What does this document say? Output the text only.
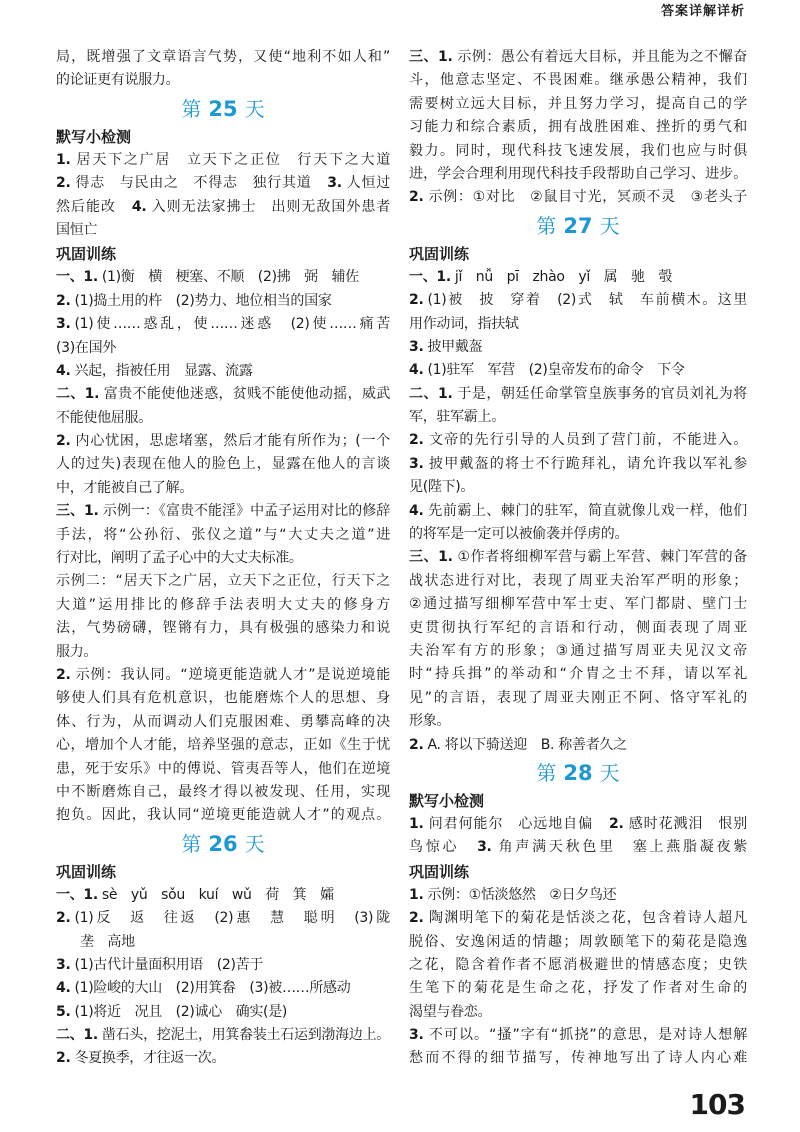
答案详解详析
局，既增强了文章语言气势，又使“地利不如人和”
的论证更有说服力。
第 25 天
默写小检测
1. 居天下之广居　立天下之正位　行天下之大道
2. 得志　与民由之　不得志　独行其道　3. 人恒过
然后能改　4. 入则无法家拂士　出则无敌国外患者
国恒亡
巩固训练
一、1. (1)衡　横　梗塞、不顺　(2)拂　弼　辅佐
2. (1)捣土用的杵　(2)势力、地位相当的国家
3. (1)使……惑乱，使……迷惑　(2)使……痛苦
(3)在国外
4. 兴起，指被任用　显露、流露
二、1. 富贵不能使他迷惑，贫贱不能使他动摇，威武
不能使他屈服。
2. 内心忧困，思虑堵塞，然后才能有所作为；(一个
人的过失)表现在他人的脸色上，显露在他人的言谈
中，才能被自己了解。
三、1. 示例一：《富贵不能淫》中孟子运用对比的修辞
手法，将“公孙衍、张仪之道”与“大丈夫之道”进
行对比，阐明了孟子心中的大丈夫标准。
示例二：“居天下之广居，立天下之正位，行天下之
大道”运用排比的修辞手法表明大丈夫的修身方
法，气势磅礴，铿锵有力，具有极强的感染力和说
服力。
2. 示例：我认同。“逆境更能造就人才”是说逆境能
够使人们具有危机意识，也能磨炼个人的思想、身
体、行为，从而调动人们克服困难、勇攀高峰的决
心，增加个人才能，培养坚强的意志，正如《生于忧
患，死于安乐》中的傅说、管夷吾等人，他们在逆境
中不断磨炼自己，最终才得以被发现、任用，实现
抱负。因此，我认同“逆境更能造就人才”的观点。
第 26 天
巩固训练
一、1. sè　yǔ　sǒu　kuí　wǔ　荷　箕　孀
2. (1)反　返　往返　(2)惠　慧　聪明　(3)陇
垄　高地
3. (1)古代计量面积用语　(2)苦于
4. (1)险峻的大山　(2)用箕畚　(3)被……所感动
5. (1)将近　况且　(2)诚心　确实(是)
二、1. 凿石头，挖泥土，用箕畚装土石运到渤海边上。
2. 冬夏换季，才往返一次。
三、1. 示例：愚公有着远大目标，并且能为之不懈奋
斗，他意志坚定、不畏困难。继承愚公精神，我们
需要树立远大目标，并且努力学习，提高自己的学
习能力和综合素质，拥有战胜困难、挫折的勇气和
毅力。同时，现代科技飞速发展，我们也应与时俱
进，学会合理利用现代科技手段帮助自己学习、进步。
2. 示例：①对比　②鼠目寸光，冥顽不灵　③老头子
第 27 天
巩固训练
一、1. jǐ　nǚ　pī　zhào　yǐ　属　驰　彀
2. (1)被　披　穿着　(2)式　轼　车前横木。这里
用作动词，指扶轼
3. 披甲戴盔
4. (1)驻军　军营　(2)皇帝发布的命令　下令
二、1. 于是，朝廷任命掌管皇族事务的官员刘礼为将
军，驻军霸上。
2. 文帝的先行引导的人员到了营门前，不能进入。
3. 披甲戴盔的将士不行跪拜礼，请允许我以军礼参
见(陛下)。
4. 先前霸上、棘门的驻军，简直就像儿戏一样，他们
的将军是一定可以被偷袭并俘虏的。
三、1. ①作者将细柳军营与霸上军营、棘门军营的备
战状态进行对比，表现了周亚夫治军严明的形象；
②通过描写细柳军营中军士吏、军门都尉、壁门士
吏贯彻执行军纪的言语和行动，侧面表现了周亚
夫治军有方的形象；③通过描写周亚夫见汉文帝
时“持兵揖”的举动和“介胄之士不拜，请以军礼
见”的言语，表现了周亚夫刚正不阿、恪守军礼的
形象。
2. A. 将以下骑送迎　B. 称善者久之
第 28 天
默写小检测
1. 问君何能尔　心远地自偏　2. 感时花溅泪　恨别
鸟惊心　3. 角声满天秋色里　塞上燕脂凝夜紫
巩固训练
1. 示例：①恬淡悠然　②日夕鸟还
2. 陶渊明笔下的菊花是恬淡之花，包含着诗人超凡
脱俗、安逸闲适的情趣；周敦颐笔下的菊花是隐逸
之花，隐含着作者不愿消极避世的情感态度；史铁
生笔下的菊花是生命之花，抒发了作者对生命的
渴望与眷恋。
3. 不可以。“搔”字有“抓挠”的意思，是对诗人想解
愁而不得的细节描写，传神地写出了诗人内心难
103
